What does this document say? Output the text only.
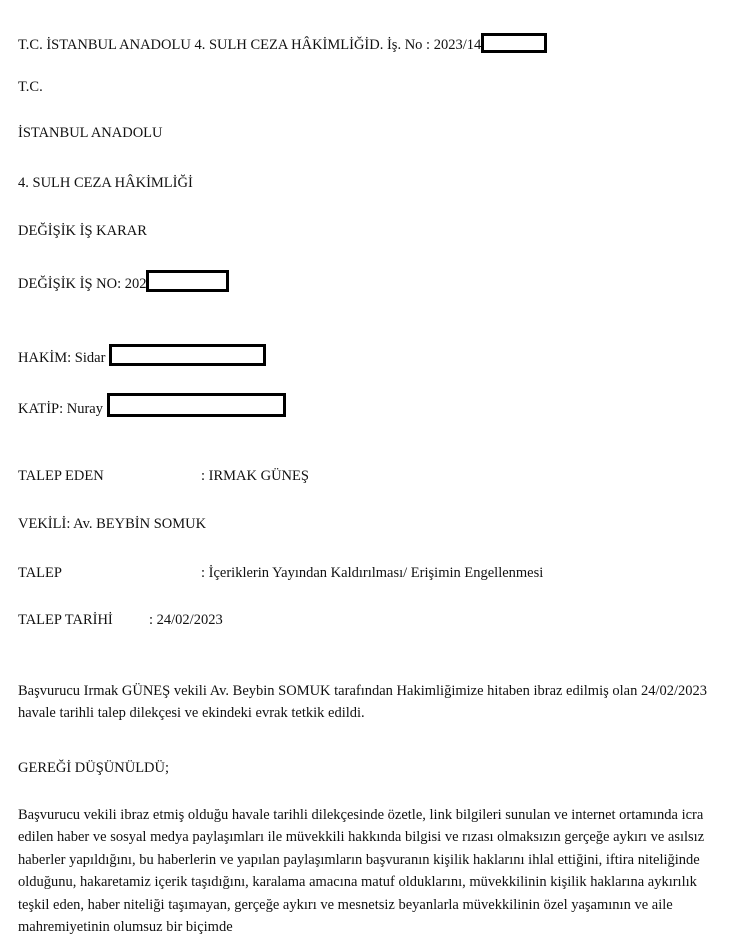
T.C. İSTANBUL ANADOLU 4. SULH CEZA HÂKİMLİĞİD. İş. No : 2023/14
T.C.
İSTANBUL ANADOLU
4. SULH CEZA HÂKİMLİĞİ
DEĞİŞİK İŞ KARAR
DEĞİŞİK İŞ NO: 202
HAKİM: Sidar
KATİP: Nuray
TALEP EDEN	: IRMAK GÜNEŞ
VEKİLİ: Av. BEYBİN SOMUK
TALEP	: İçeriklerin Yayından Kaldırılması/ Erişimin Engellenmesi
TALEP TARİHİ	: 24/02/2023
Başvurucu Irmak GÜNEŞ vekili Av. Beybin SOMUK tarafından Hakimliğimize hitaben ibraz edilmiş olan 24/02/2023 havale tarihli talep dilekçesi ve ekindeki evrak tetkik edildi.
GEREĞİ DÜŞÜNÜLDÜ;
Başvurucu vekili ibraz etmiş olduğu havale tarihli dilekçesinde özetle, link bilgileri sunulan ve internet ortamında icra edilen haber ve sosyal medya paylaşımları ile müvekkili hakkında bilgisi ve rızası olmaksızın gerçeğe aykırı ve asılsız haberler yapıldığını, bu haberlerin ve yapılan paylaşımların başvuranın kişilik haklarını ihlal ettiğini, iftira niteliğinde olduğunu, hakaretamiz içerik taşıdığını, karalama amacına matuf olduklarını, müvekkilinin kişilik haklarına aykırılık teşkil eden, haber niteliği taşımayan, gerçeğe aykırı ve mesnetsiz beyanlarla müvekkilinin özel yaşamının ve aile mahremiyetinin olumsuz bir biçimde
